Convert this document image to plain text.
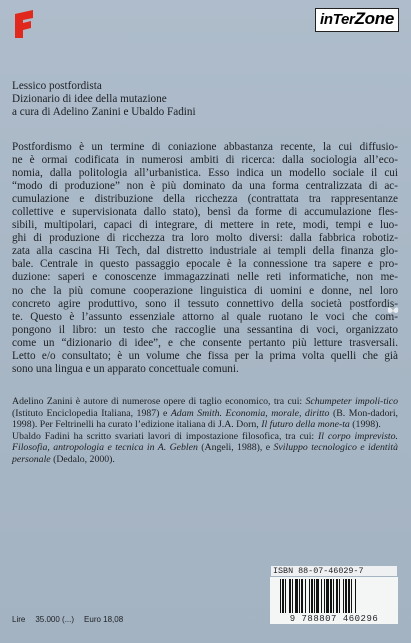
inTerZone
Lessico postfordista
Dizionario di idee della mutazione
a cura di Adelino Zanini e Ubaldo Fadini
Postfordismo è un termine di coniazione abbastanza recente, la cui diffusio-
ne è ormai codificata in numerosi ambiti di ricerca: dalla sociologia all’eco-
nomia, dalla politologia all’urbanistica. Esso indica un modello sociale il cui
“modo di produzione” non è più dominato da una forma centralizzata di ac-
cumulazione e distribuzione della ricchezza (contrattata tra rappresentanze
collettive e supervisionata dallo stato), bensì da forme di accumulazione fles-
sibili, multipolari, capaci di integrare, di mettere in rete, modi, tempi e luo-
ghi di produzione di ricchezza tra loro molto diversi: dalla fabbrica robotiz-
zata alla cascina Hi Tech, dal distretto industriale ai templi della finanza glo-
bale. Centrale in questo passaggio epocale è la connessione tra sapere e pro-
duzione: saperi e conoscenze immagazzinati nelle reti informatiche, non me-
no che la più comune cooperazione linguistica di uomini e donne, nel loro
concreto agire produttivo, sono il tessuto connettivo della società postfordis-
te. Questo è l’assunto essenziale attorno al quale ruotano le voci che com-
pongono il libro: un testo che raccoglie una sessantina di voci, organizzato
come un “dizionario di idee”, e che consente pertanto più letture trasversali.
Letto e/o consultato; è un volume che fissa per la prima volta quelli che già
sono una lingua e un apparato concettuale comuni.

Adelino Zanini è autore di numerose opere di taglio economico, tra cui: Schumpeter impoli-tico (Istituto Enciclopedia Italiana, 1987) e Adam Smith. Economia, morale, diritto (B. Mon-dadori, 1998). Per Feltrinelli ha curato l’edizione italiana di J.A. Dorn, Il futuro della mone-ta (1998).

Ubaldo Fadini ha scritto svariati lavori di impostazione filosofica, tra cui: Il corpo imprevisto. Filosofia, antropologia e tecnica in A. Geblen (Angeli, 1988), e Sviluppo tecnologico e identità personale (Dedalo, 2000).

ISBN 88-07-46029-7
9 788807 460296
Lire 35.000 (...) Euro 18,08
